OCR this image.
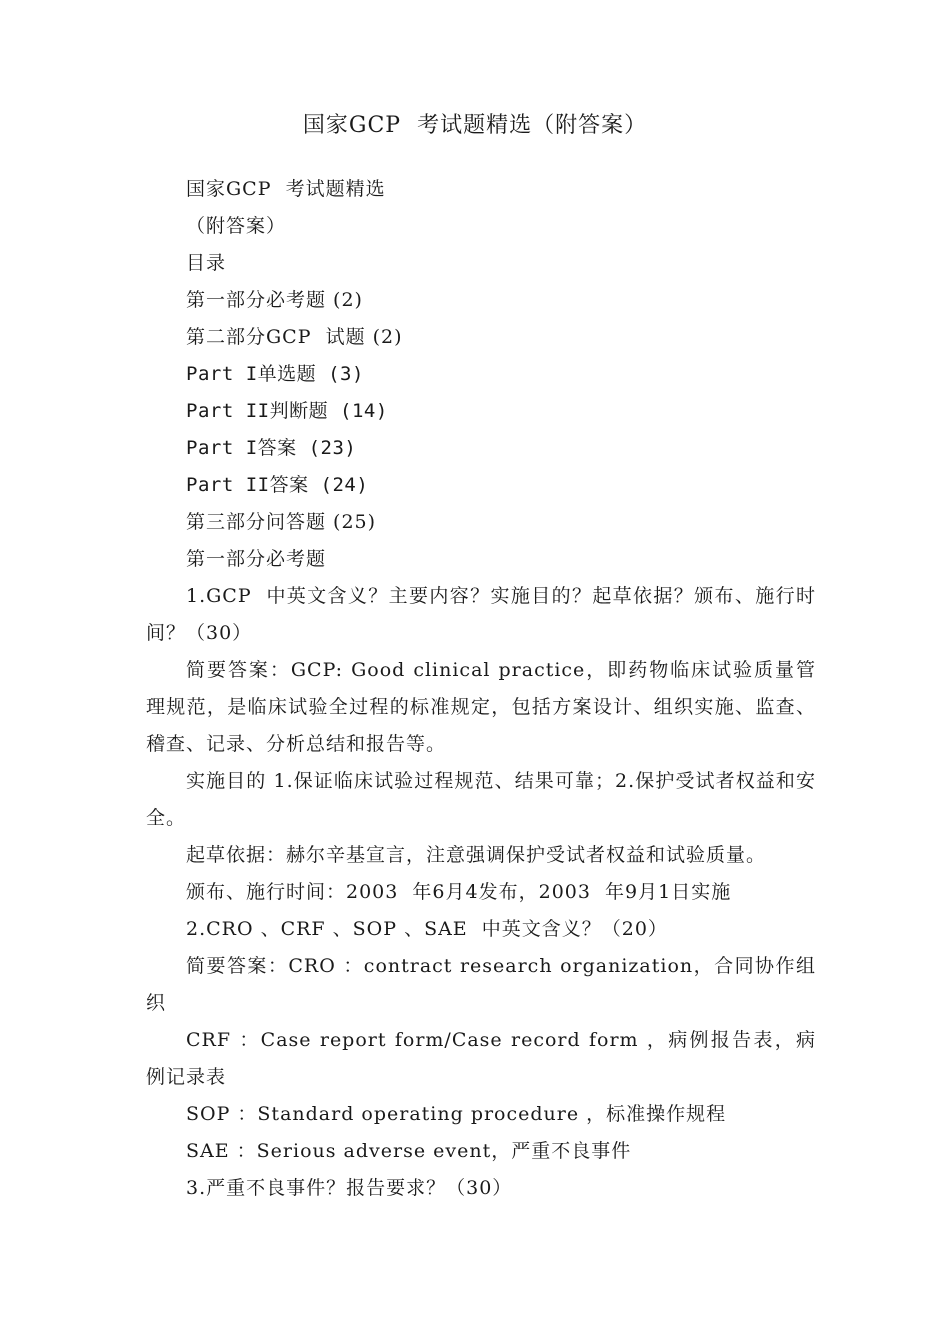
国家GCP  考试题精选（附答案）

国家GCP  考试题精选

（附答案）

目录

第一部分必考题 (2)

第二部分GCP  试题 (2)

Part I单选题 (3)

Part II判断题 (14)

Part I答案 (23)

Part II答案 (24)

第三部分问答题 (25)

第一部分必考题

1.GCP  中英文含义？主要内容？实施目的？起草依据？颁布、施行时间？（30）

简要答案：GCP: Good clinical practice，即药物临床试验质量管理规范，是临床试验全过程的标准规定，包括方案设计、组织实施、监查、稽查、记录、分析总结和报告等。

实施目的 1.保证临床试验过程规范、结果可靠；2.保护受试者权益和安全。

起草依据：赫尔辛基宣言，注意强调保护受试者权益和试验质量。

颁布、施行时间：2003  年6月4发布，2003  年9月1日实施

2.CRO 、CRF 、SOP 、SAE  中英文含义？（20）

简要答案：CRO ：contract research organization，合同协作组织

CRF ：Case report form/Case record form ，病例报告表，病例记录表

SOP ：Standard operating procedure ，标准操作规程

SAE ：Serious adverse event，严重不良事件

3.严重不良事件？报告要求？（30）
